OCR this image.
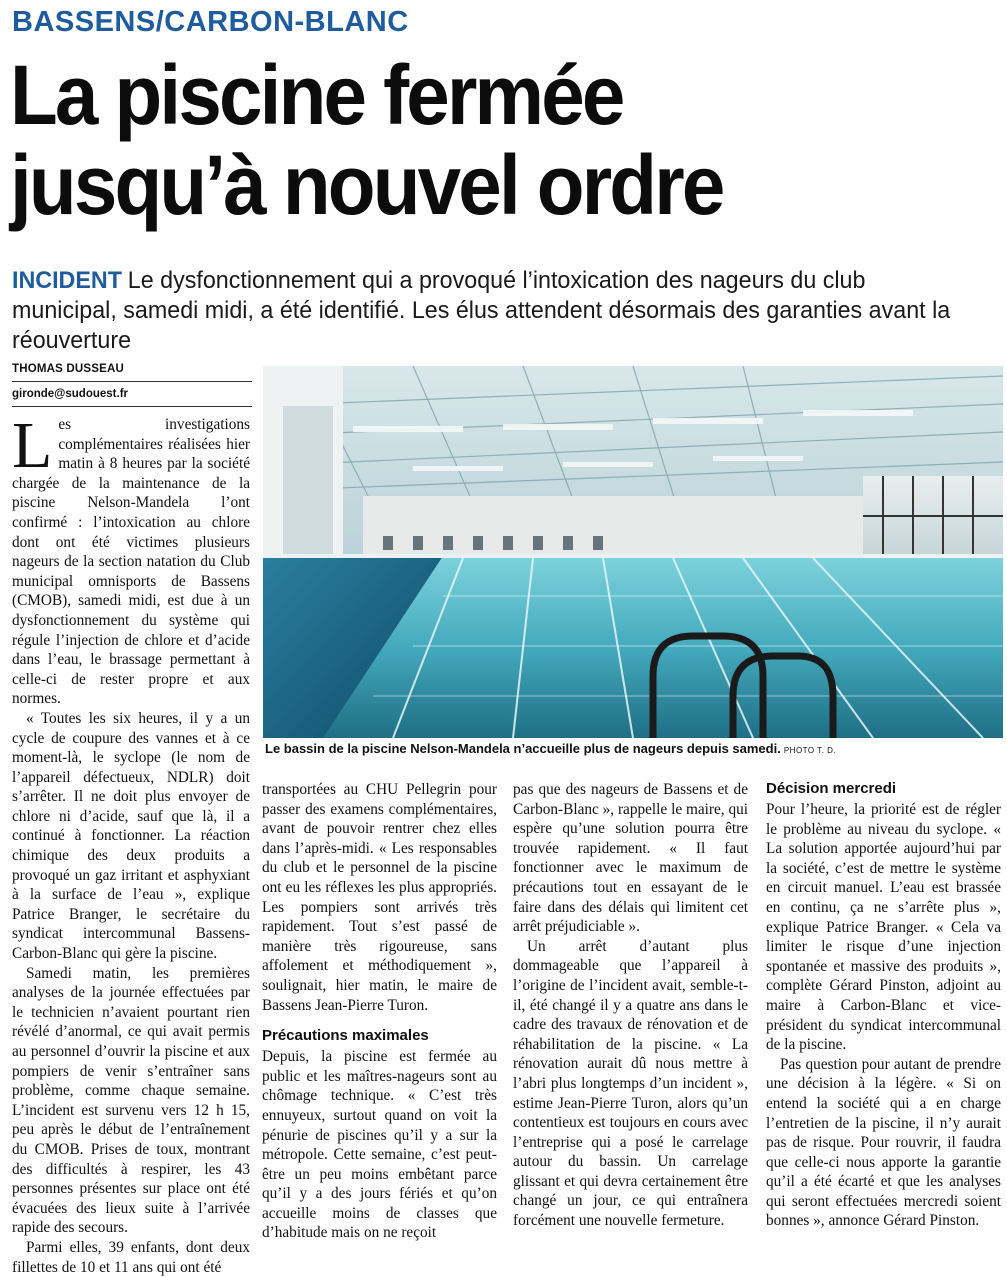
BASSENS/CARBON-BLANC
La piscine fermée
jusqu’à nouvel ordre
INCIDENT Le dysfonctionnement qui a provoqué l’intoxication des nageurs du club municipal, samedi midi, a été identifié. Les élus attendent désormais des garanties avant la réouverture
THOMAS DUSSEAU
gironde@sudouest.fr
L es investigations complémentaires réalisées hier matin à 8 heures par la société chargée de la maintenance de la piscine Nelson-Mandela l’ont confirmé : l’intoxication au chlore dont ont été victimes plusieurs nageurs de la section natation du Club municipal omnisports de Bassens (CMOB), samedi midi, est due à un dysfonctionnement du système qui régule l’injection de chlore et d’acide dans l’eau, le brassage permettant à celle-ci de rester propre et aux normes.

« Toutes les six heures, il y a un cycle de coupure des vannes et à ce moment-là, le syclope (le nom de l’appareil défectueux, NDLR) doit s’arrêter. Il ne doit plus envoyer de chlore ni d’acide, sauf que là, il a continué à fonctionner. La réaction chimique des deux produits a provoqué un gaz irritant et asphyxiant à la surface de l’eau », explique Patrice Branger, le secrétaire du syndicat intercommunal Bassens-Carbon-Blanc qui gère la piscine.

Samedi matin, les premières analyses de la journée effectuées par le technicien n’avaient pourtant rien révélé d’anormal, ce qui avait permis au personnel d’ouvrir la piscine et aux pompiers de venir s’entraîner sans problème, comme chaque semaine. L’incident est survenu vers 12 h 15, peu après le début de l’entraînement du CMOB. Prises de toux, montrant des difficultés à respirer, les 43 personnes présentes sur place ont été évacuées des lieux suite à l’arrivée rapide des secours.

Parmi elles, 39 enfants, dont deux fillettes de 10 et 11 ans qui ont été

Le bassin de la piscine Nelson-Mandela n’accueille plus de nageurs depuis samedi. PHOTO T. D.

transportées au CHU Pellegrin pour passer des examens complémentaires, avant de pouvoir rentrer chez elles dans l’après-midi. « Les responsables du club et le personnel de la piscine ont eu les réflexes les plus appropriés. Les pompiers sont arrivés très rapidement. Tout s’est passé de manière très rigoureuse, sans affolement et méthodiquement », soulignait, hier matin, le maire de Bassens Jean-Pierre Turon.

Précautions maximales

Depuis, la piscine est fermée au public et les maîtres-nageurs sont au chômage technique. « C’est très ennuyeux, surtout quand on voit la pénurie de piscines qu’il y a sur la métropole. Cette semaine, c’est peut-être un peu moins embêtant parce qu’il y a des jours fériés et qu’on accueille moins de classes que d’habitude mais on ne reçoit

pas que des nageurs de Bassens et de Carbon-Blanc », rappelle le maire, qui espère qu’une solution pourra être trouvée rapidement. « Il faut fonctionner avec le maximum de précautions tout en essayant de le faire dans des délais qui limitent cet arrêt préjudiciable ».

Un arrêt d’autant plus dommageable que l’appareil à l’origine de l’incident avait, semble-t-il, été changé il y a quatre ans dans le cadre des travaux de rénovation et de réhabilitation de la piscine. « La rénovation aurait dû nous mettre à l’abri plus longtemps d’un incident », estime Jean-Pierre Turon, alors qu’un contentieux est toujours en cours avec l’entreprise qui a posé le carrelage autour du bassin. Un carrelage glissant et qui devra certainement être changé un jour, ce qui entraînera forcément une nouvelle fermeture.

Décision mercredi

Pour l’heure, la priorité est de régler le problème au niveau du syclope. « La solution apportée aujourd’hui par la société, c’est de mettre le système en circuit manuel. L’eau est brassée en continu, ça ne s’arrête plus », explique Patrice Branger. « Cela va limiter le risque d’une injection spontanée et massive des produits », complète Gérard Pinston, adjoint au maire à Carbon-Blanc et vice-président du syndicat intercommunal de la piscine.

Pas question pour autant de prendre une décision à la légère. « Si on entend la société qui a en charge l’entretien de la piscine, il n’y aurait pas de risque. Pour rouvrir, il faudra que celle-ci nous apporte la garantie qu’il a été écarté et que les analyses qui seront effectuées mercredi soient bonnes », annonce Gérard Pinston.
